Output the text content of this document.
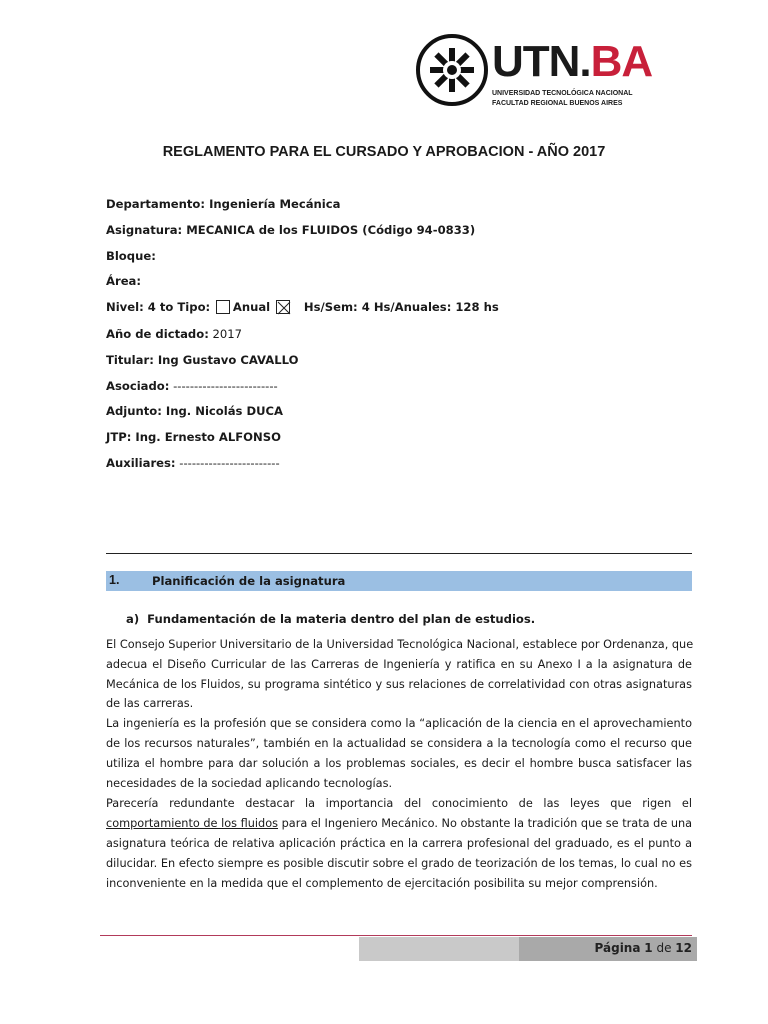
UTN.BA
UNIVERSIDAD TECNOLÓGICA NACIONAL
FACULTAD REGIONAL BUENOS AIRES
REGLAMENTO PARA EL CURSADO Y APROBACION - AÑO 2017
Departamento: Ingeniería Mecánica
Asignatura: MECANICA de los FLUIDOS (Código 94-0833)
Bloque:
Área:
Nivel: 4 to Tipo: Anual	Hs/Sem: 4 Hs/Anuales: 128 hs
Año de dictado: 2017
Titular: Ing Gustavo CAVALLO
Asociado: -------------------------
Adjunto: Ing. Nicolás DUCA
JTP: Ing. Ernesto ALFONSO
Auxiliares: ------------------------
1.	Planificación de la asignatura
a) Fundamentación de la materia dentro del plan de estudios.
El Consejo Superior Universitario de la Universidad Tecnológica Nacional, establece por Ordenanza, que
adecua el Diseño Curricular de las Carreras de Ingeniería y ratifica en su Anexo I a la asignatura de
Mecánica de los Fluidos, su programa sintético y sus relaciones de correlatividad con otras asignaturas
de las carreras.
La ingeniería es la profesión que se considera como la “aplicación de la ciencia en el aprovechamiento
de los recursos naturales”, también en la actualidad se considera a la tecnología como el recurso que
utiliza el hombre para dar solución a los problemas sociales, es decir el hombre busca satisfacer las
necesidades de la sociedad aplicando tecnologías.
Parecería redundante destacar la importancia del conocimiento de las leyes que rigen el
comportamiento de los fluidos para el Ingeniero Mecánico. No obstante la tradición que se trata de una
asignatura teórica de relativa aplicación práctica en la carrera profesional del graduado, es el punto a
dilucidar. En efecto siempre es posible discutir sobre el grado de teorización de los temas, lo cual no es
inconveniente en la medida que el complemento de ejercitación posibilita su mejor comprensión.
Página 1 de 12
